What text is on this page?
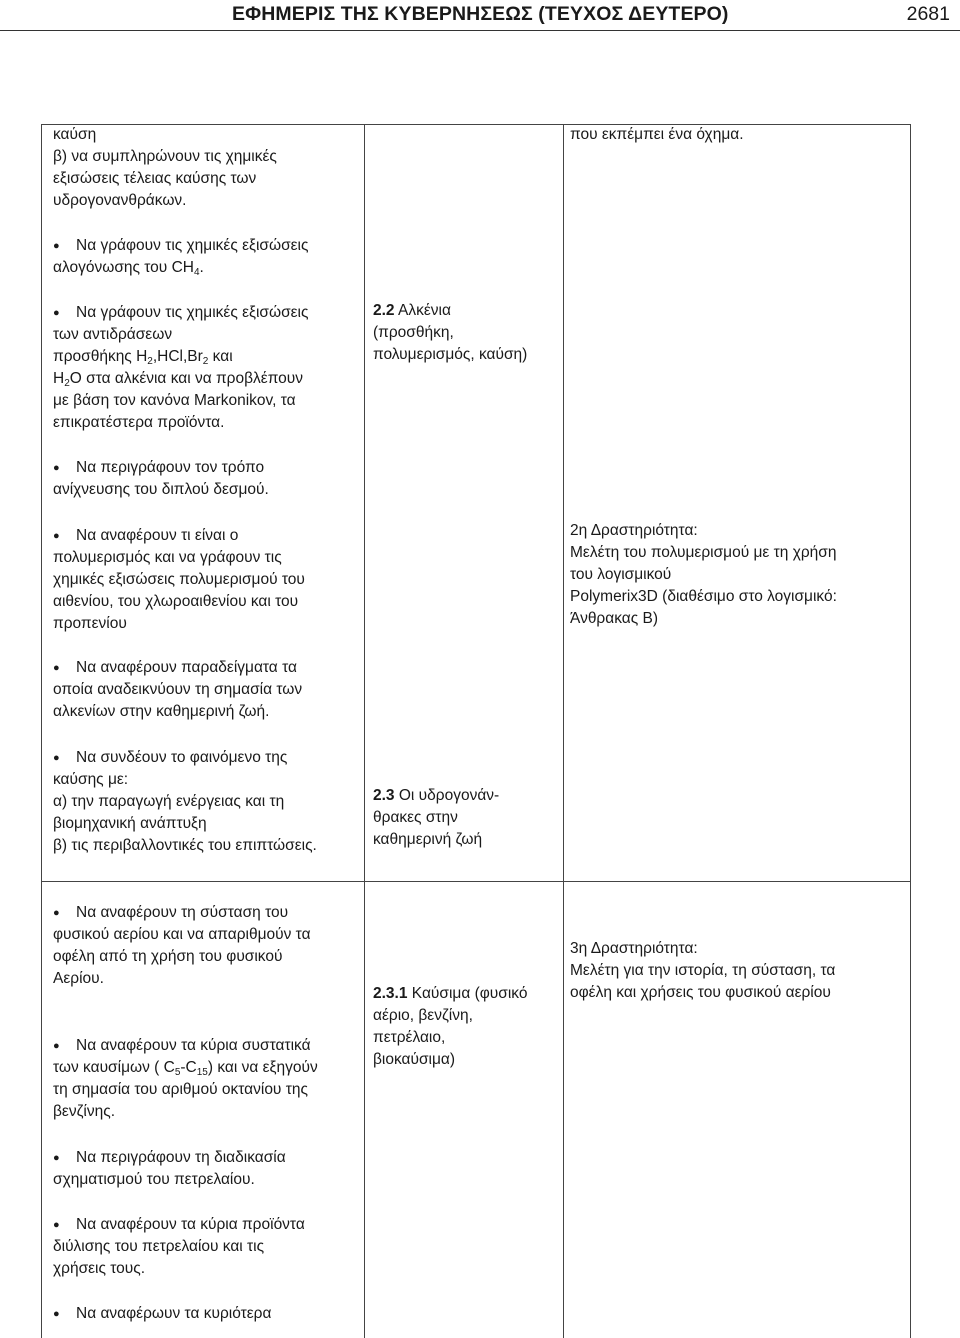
ΕΦΗΜΕΡΙΣ ΤΗΣ ΚΥΒΕΡΝΗΣΕΩΣ (ΤΕΥΧΟΣ ΔΕΥΤΕΡΟ)	2681
καύση
β) να συμπληρώνουν τις χημικές
εξισώσεις τέλειας καύσης των
υδρογονανθράκων.
● Να γράφουν τις χημικές εξισώσεις
αλογόνωσης του $CH_4$.
● Να γράφουν τις χημικές εξισώσεις
των αντιδράσεων
προσθήκης $H_2,HCl,Br_2$ και
$H_2O$ στα αλκένια και να προβλέπουν
με βάση τον κανόνα Markonikov, τα
επικρατέστερα προϊόντα.
● Να περιγράφουν τον τρόπο
ανίχνευσης του διπλού δεσμού.
● Να αναφέρουν τι είναι ο
πολυμερισμός και να γράφουν τις
χημικές εξισώσεις πολυμερισμού του
αιθενίου, του χλωροαιθενίου και του
προπενίου
● Να αναφέρουν παραδείγματα τα
οποία αναδεικνύουν τη σημασία των
αλκενίων στην καθημερινή ζωή.
● Να συνδέουν το φαινόμενο της
καύσης με:
α) την παραγωγή ενέργειας και τη
βιομηχανική ανάπτυξη
β) τις περιβαλλοντικές του επιπτώσεις.
● Να αναφέρουν τη σύσταση του
φυσικού αερίου και να απαριθμούν τα
οφέλη από τη χρήση του φυσικού
Αερίου.
● Να αναφέρουν τα κύρια συστατικά
των καυσίμων ( $C_5-C_{15}$) και να εξηγούν
τη σημασία του αριθμού οκτανίου της
βενζίνης.
● Να περιγράφουν τη διαδικασία
σχηματισμού του πετρελαίου.
● Να αναφέρουν τα κύρια προϊόντα
διύλισης του πετρελαίου και τις
χρήσεις τους.
● Να αναφέρωυν τα κυριότερα
2.2 Αλκένια
(προσθήκη,
πολυμερισμός, καύση)
2.3 Οι υδρογονάν-
θρακες στην
καθημερινή ζωή
2.3.1 Καύσιμα (φυσικό
αέριο, βενζίνη,
πετρέλαιο,
βιοκαύσιμα)
που εκπέμπει ένα όχημα.
2η Δραστηριότητα:
Μελέτη του πολυμερισμού με τη χρήση
του λογισμικού
Polymerix3D (διαθέσιμο στο λογισμικό:
Άνθρακας Β)
3η Δραστηριότητα:
Μελέτη για την ιστορία, τη σύσταση, τα
οφέλη και χρήσεις του φυσικού αερίου
